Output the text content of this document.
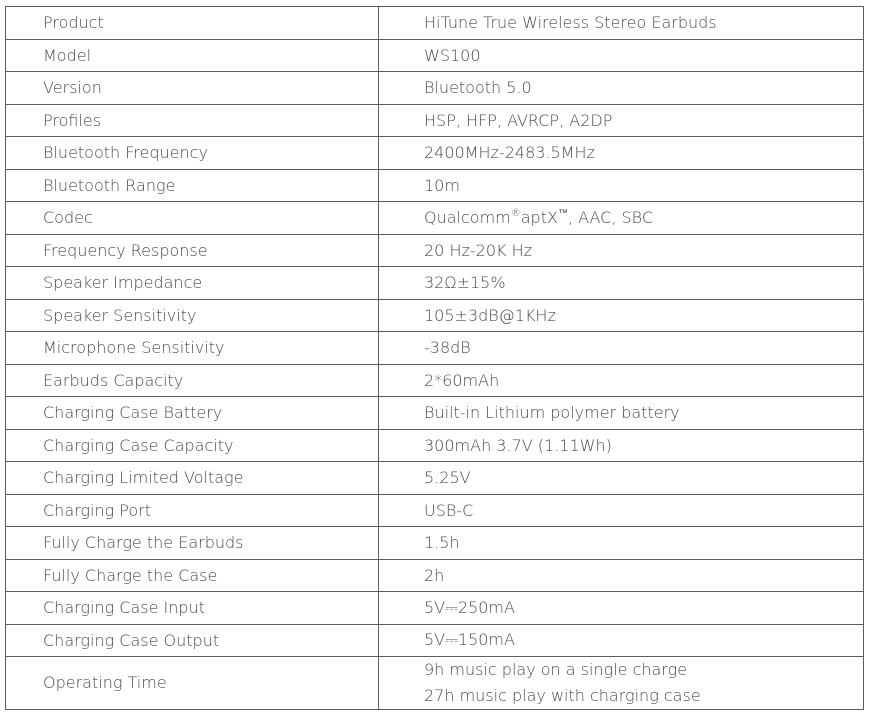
Product	HiTune True Wireless Stereo Earbuds
Model	WS100
Version	Bluetooth 5.0
Profiles	HSP, HFP, AVRCP, A2DP
Bluetooth Frequency	2400MHz-2483.5MHz
Bluetooth Range	10m
Codec	Qualcomm®aptX™, AAC, SBC
Frequency Response	20 Hz-20K Hz
Speaker Impedance	32Ω±15%
Speaker Sensitivity	105±3dB@1KHz
Microphone Sensitivity	-38dB
Earbuds Capacity	2*60mAh
Charging Case Battery	Built-in Lithium polymer battery
Charging Case Capacity	300mAh 3.7V (1.11Wh)
Charging Limited Voltage	5.25V
Charging Port	USB-C
Fully Charge the Earbuds	1.5h
Fully Charge the Case	2h
Charging Case Input	5V⎓250mA
Charging Case Output	5V⎓150mA
Operating Time	9h music play on a single charge
27h music play with charging case
